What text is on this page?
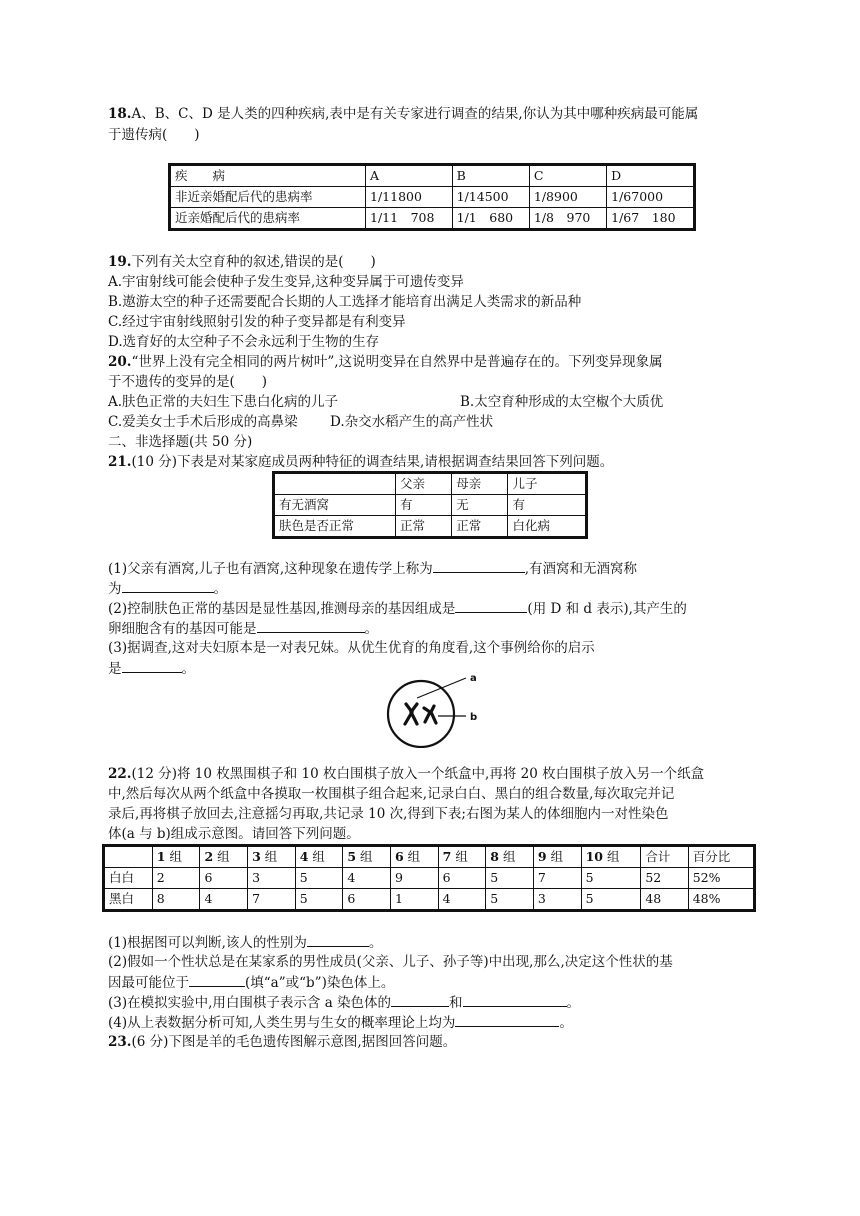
18.A、B、C、D 是人类的四种疾病,表中是有关专家进行调查的结果,你认为其中哪种疾病最可能属
于遗传病(　　)
疾　　病	A	B	C	D
非近亲婚配后代的患病率	1/11800	1/14500	1/8900	1/67000
近亲婚配后代的患病率	1/11　708	1/1　680	1/8　970	1/67　180
19.下列有关太空育种的叙述,错误的是(　　)
A.宇宙射线可能会使种子发生变异,这种变异属于可遗传变异
B.遨游太空的种子还需要配合长期的人工选择才能培育出满足人类需求的新品种
C.经过宇宙射线照射引发的种子变异都是有利变异
D.选育好的太空种子不会永远利于生物的生存
20.“世界上没有完全相同的两片树叶”,这说明变异在自然界中是普遍存在的。下列变异现象属
于不遗传的变异的是(　　)
A.肤色正常的夫妇生下患白化病的儿子	B.太空育种形成的太空椒个大质优
C.爱美女士手术后形成的高鼻梁 D.杂交水稻产生的高产性状
二、非选择题(共 50 分)
21.(10 分)下表是对某家庭成员两种特征的调查结果,请根据调查结果回答下列问题。
	父亲	母亲	儿子
有无酒窝	有	无	有
肤色是否正常	正常	正常	白化病
(1)父亲有酒窝,儿子也有酒窝,这种现象在遗传学上称为	,有酒窝和无酒窝称
为	。
(2)控制肤色正常的基因是显性基因,推测母亲的基因组成是	(用 D 和 d 表示),其产生的
卵细胞含有的基因可能是	。
(3)据调查,这对夫妇原本是一对表兄妹。从优生优育的角度看,这个事例给你的启示
是	。
a
b
22.(12 分)将 10 枚黑围棋子和 10 枚白围棋子放入一个纸盒中,再将 20 枚白围棋子放入另一个纸盒
中,然后每次从两个纸盒中各摸取一枚围棋子组合起来,记录白白、黑白的组合数量,每次取完并记
录后,再将棋子放回去,注意摇匀再取,共记录 10 次,得到下表;右图为某人的体细胞内一对性染色
体(a 与 b)组成示意图。请回答下列问题。
	1 组	2 组	3 组	4 组	5 组	6 组	7 组	8 组	9 组	10 组	合计	百分比
白白	2	6	3	5	4	9	6	5	7	5	52	52%
黑白	8	4	7	5	6	1	4	5	3	5	48	48%
(1)根据图可以判断,该人的性别为	。
(2)假如一个性状总是在某家系的男性成员(父亲、儿子、孙子等)中出现,那么,决定这个性状的基
因最可能位于	(填“a”或“b”)染色体上。
(3)在模拟实验中,用白围棋子表示含 a 染色体的	和	。
(4)从上表数据分析可知,人类生男与生女的概率理论上均为	。
23.(6 分)下图是羊的毛色遗传图解示意图,据图回答问题。
